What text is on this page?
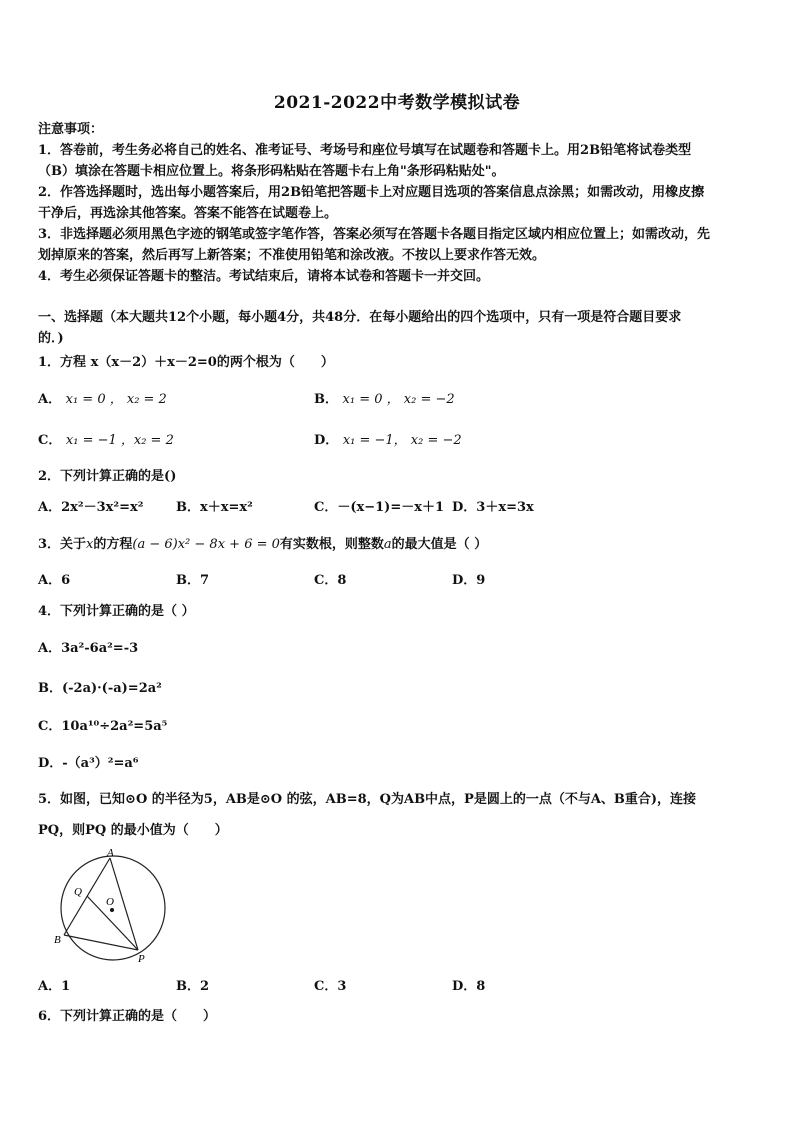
2021-2022中考数学模拟试卷
注意事项：
1．答卷前，考生务必将自己的姓名、准考证号、考场号和座位号填写在试题卷和答题卡上。用2B铅笔将试卷类型
（B）填涂在答题卡相应位置上。将条形码粘贴在答题卡右上角"条形码粘贴处"。
2．作答选择题时，选出每小题答案后，用2B铅笔把答题卡上对应题目选项的答案信息点涂黑；如需改动，用橡皮擦
干净后，再选涂其他答案。答案不能答在试题卷上。
3．非选择题必须用黑色字迹的钢笔或签字笔作答，答案必须写在答题卡各题目指定区域内相应位置上；如需改动，先
划掉原来的答案，然后再写上新答案；不准使用铅笔和涂改液。不按以上要求作答无效。
4．考生必须保证答题卡的整洁。考试结束后，请将本试卷和答题卡一并交回。
一、选择题（本大题共12个小题，每小题4分，共48分．在每小题给出的四个选项中，只有一项是符合题目要求
的．)
1．方程 x（x－2）＋x－2=0的两个根为（　　）
A． x₁ = 0 ， x₂ = 2	B． x₁ = 0 ， x₂ = −2
C． x₁ = −1 ，x₂ = 2	D． x₁ = −1， x₂ = −2
2．下列计算正确的是()
A．2x²－3x²=x²	B．x＋x=x²	C．－(x−1)=－x＋1 D．3＋x=3x
3．关于x的方程(a − 6)x² − 8x + 6 = 0有实数根，则整数a的最大值是（ ）
A．6	B．7	C．8	D．9
4．下列计算正确的是（ ）
A．3a²-6a²=-3
B．(-2a)·(-a)=2a²
C．10a¹⁰÷2a²=5a⁵
D．-（a³）²=a⁶
5．如图，已知⊙O 的半径为5，AB是⊙O 的弦，AB=8，Q为AB中点，P是圆上的一点（不与A、B重合)，连接
PQ，则PQ 的最小值为（　　）
A
Q
O
B
P
A．1	B．2	C．3	D．8
6．下列计算正确的是（　　）
